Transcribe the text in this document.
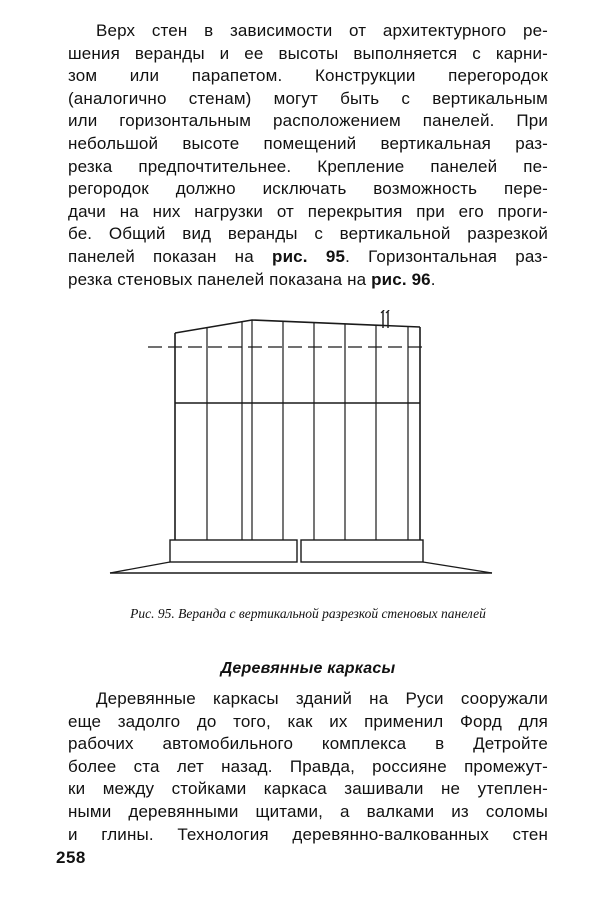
Верх стен в зависимости от архитектурного ре-
шения веранды и ее высоты выполняется с карни-
зом или парапетом. Конструкции перегородок
(аналогично стенам) могут быть с вертикальным
или горизонтальным расположением панелей. При
небольшой высоте помещений вертикальная раз-
резка предпочтительнее. Крепление панелей пе-
регородок должно исключать возможность пере-
дачи на них нагрузки от перекрытия при его проги-
бе. Общий вид веранды с вертикальной разрезкой
панелей показан на рис. 95. Горизонтальная раз-
резка стеновых панелей показана на рис. 96.
Рис. 95. Веранда с вертикальной разрезкой стеновых панелей
Деревянные каркасы
Деревянные каркасы зданий на Руси сооружали
еще задолго до того, как их применил Форд для
рабочих автомобильного комплекса в Детройте
более ста лет назад. Правда, россияне промежут-
ки между стойками каркаса зашивали не утеплен-
ными деревянными щитами, а валками из соломы
и глины. Технология деревянно-валкованных стен
258
